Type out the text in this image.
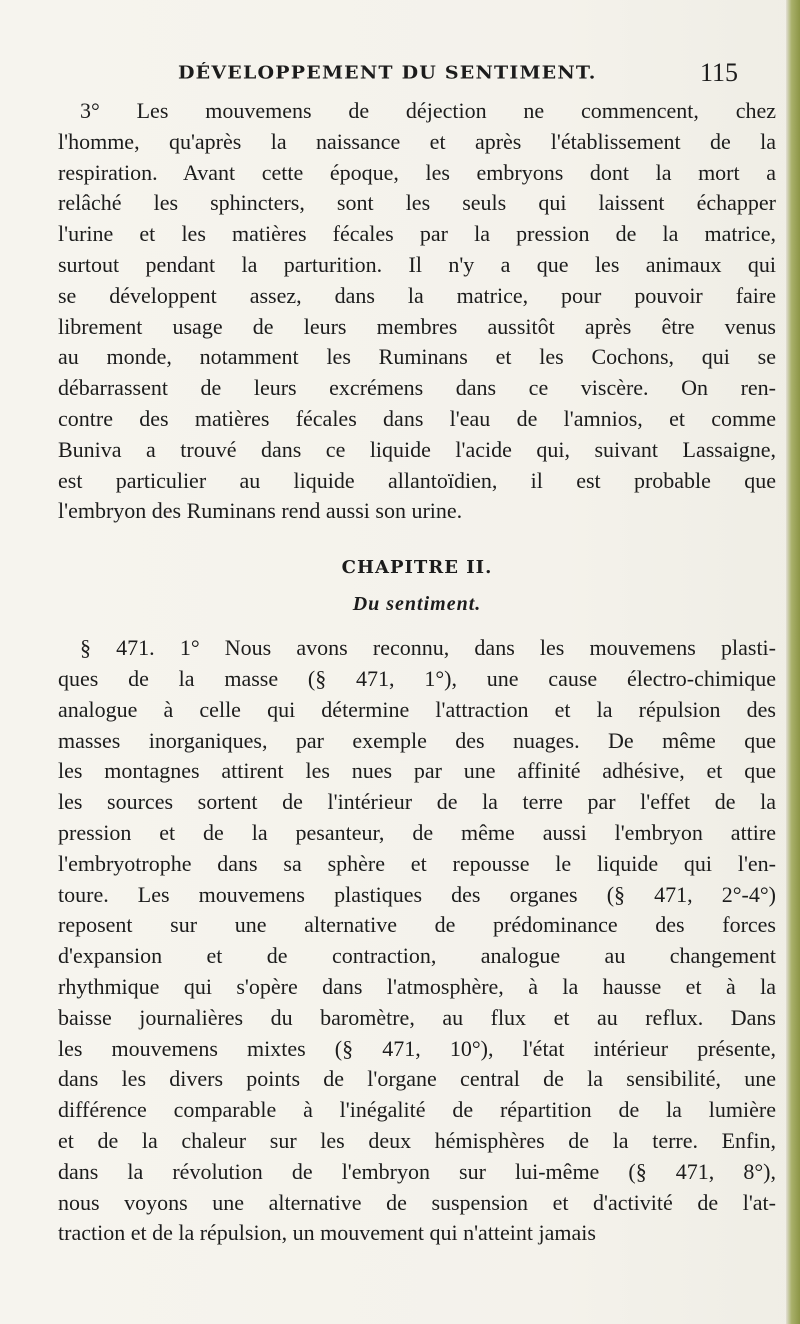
DÉVELOPPEMENT DU SENTIMENT.	115
3° Les mouvemens de déjection ne commencent, chez
l'homme, qu'après la naissance et après l'établissement de la
respiration. Avant cette époque, les embryons dont la mort a
relâché les sphincters, sont les seuls qui laissent échapper
l'urine et les matières fécales par la pression de la matrice,
surtout pendant la parturition. Il n'y a que les animaux qui
se développent assez, dans la matrice, pour pouvoir faire
librement usage de leurs membres aussitôt après être venus
au monde, notamment les Ruminans et les Cochons, qui se
débarrassent de leurs excrémens dans ce viscère. On ren-
contre des matières fécales dans l'eau de l'amnios, et comme
Buniva a trouvé dans ce liquide l'acide qui, suivant Lassaigne,
est particulier au liquide allantoïdien, il est probable que
l'embryon des Ruminans rend aussi son urine.
CHAPITRE II.
Du sentiment.
§ 471. 1° Nous avons reconnu, dans les mouvemens plasti-
ques de la masse (§ 471, 1°), une cause électro-chimique
analogue à celle qui détermine l'attraction et la répulsion des
masses inorganiques, par exemple des nuages. De même que
les montagnes attirent les nues par une affinité adhésive, et que
les sources sortent de l'intérieur de la terre par l'effet de la
pression et de la pesanteur, de même aussi l'embryon attire
l'embryotrophe dans sa sphère et repousse le liquide qui l'en-
toure. Les mouvemens plastiques des organes (§ 471, 2°-4°)
reposent sur une alternative de prédominance des forces
d'expansion et de contraction, analogue au changement
rhythmique qui s'opère dans l'atmosphère, à la hausse et à la
baisse journalières du baromètre, au flux et au reflux. Dans
les mouvemens mixtes (§ 471, 10°), l'état intérieur présente,
dans les divers points de l'organe central de la sensibilité, une
différence comparable à l'inégalité de répartition de la lumière
et de la chaleur sur les deux hémisphères de la terre. Enfin,
dans la révolution de l'embryon sur lui-même (§ 471, 8°),
nous voyons une alternative de suspension et d'activité de l'at-
traction et de la répulsion, un mouvement qui n'atteint jamais
